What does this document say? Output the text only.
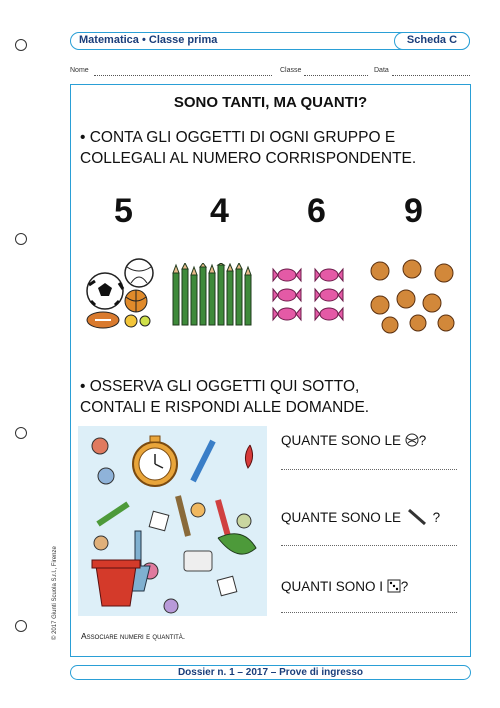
Matematica • Classe prima	Scheda C
Nome	Classe	Data
© 2017 Giunti Scuola S.r.l., Firenze
SONO TANTI, MA QUANTI?
• CONTA GLI OGGETTI DI OGNI GRUPPO E
COLLEGALI AL NUMERO CORRISPONDENTE.
5 4 6 9
• OSSERVA GLI OGGETTI QUI SOTTO,
CONTALI E RISPONDI ALLE DOMANDE.
QUANTE SONO LE ?
QUANTE SONO LE ?
QUANTI SONO I ?
Associare numeri e quantità.
Dossier n. 1 – 2017 – Prove di ingresso
